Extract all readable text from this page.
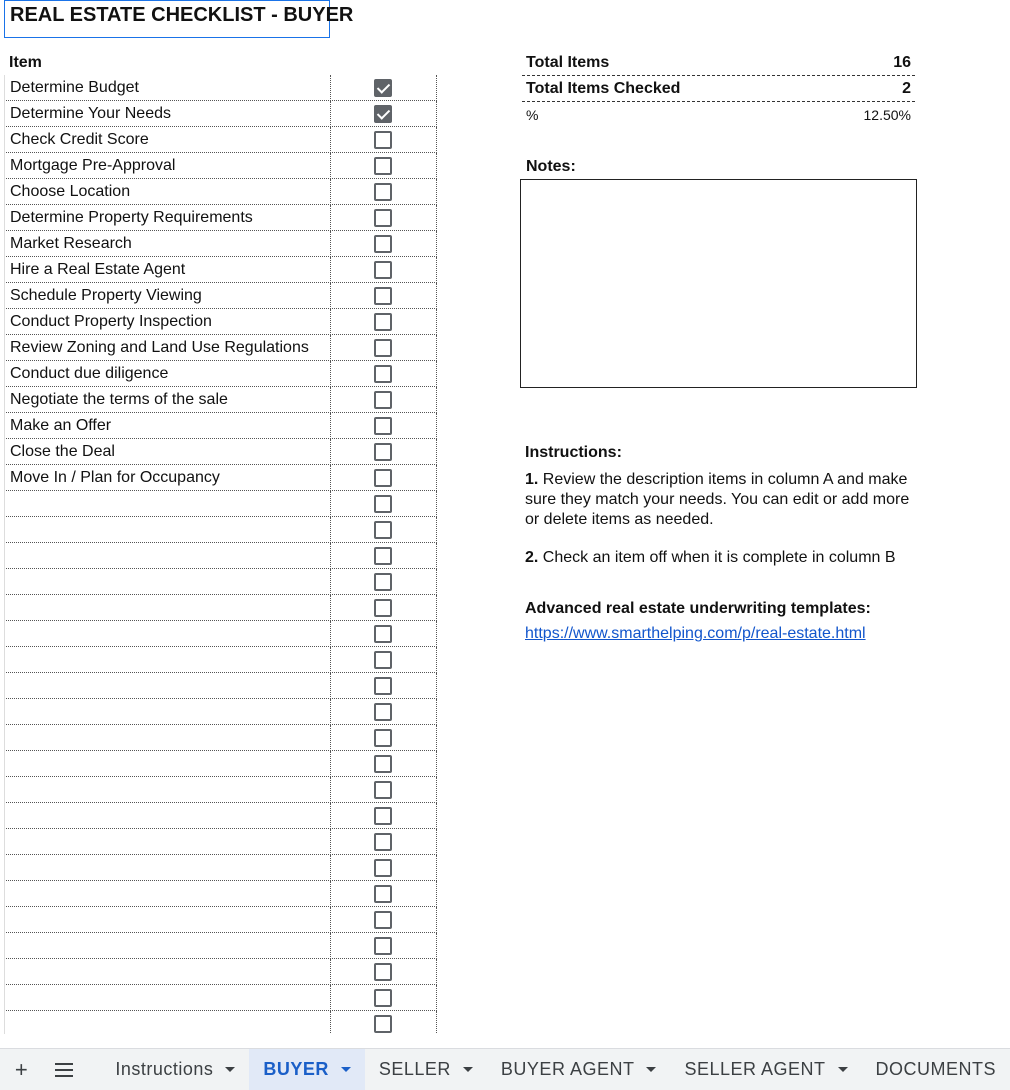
REAL ESTATE CHECKLIST - BUYER
Item
Determine Budget
Determine Your Needs
Check Credit Score
Mortgage Pre-Approval
Choose Location
Determine Property Requirements
Market Research
Hire a Real Estate Agent
Schedule Property Viewing
Conduct Property Inspection
Review Zoning and Land Use Regulations
Conduct due diligence
Negotiate the terms of the sale
Make an Offer
Close the Deal
Move In / Plan for Occupancy
Total Items	16
Total Items Checked	2
%	12.50%
Notes:
Instructions:
1. Review the description items in column A and make sure they match your needs. You can edit or add more or delete items as needed.
2. Check an item off when it is complete in column B
Advanced real estate underwriting templates:
https://www.smarthelping.com/p/real-estate.html
+	Instructions	BUYER	SELLER	BUYER AGENT	SELLER AGENT	DOCUMENTS
